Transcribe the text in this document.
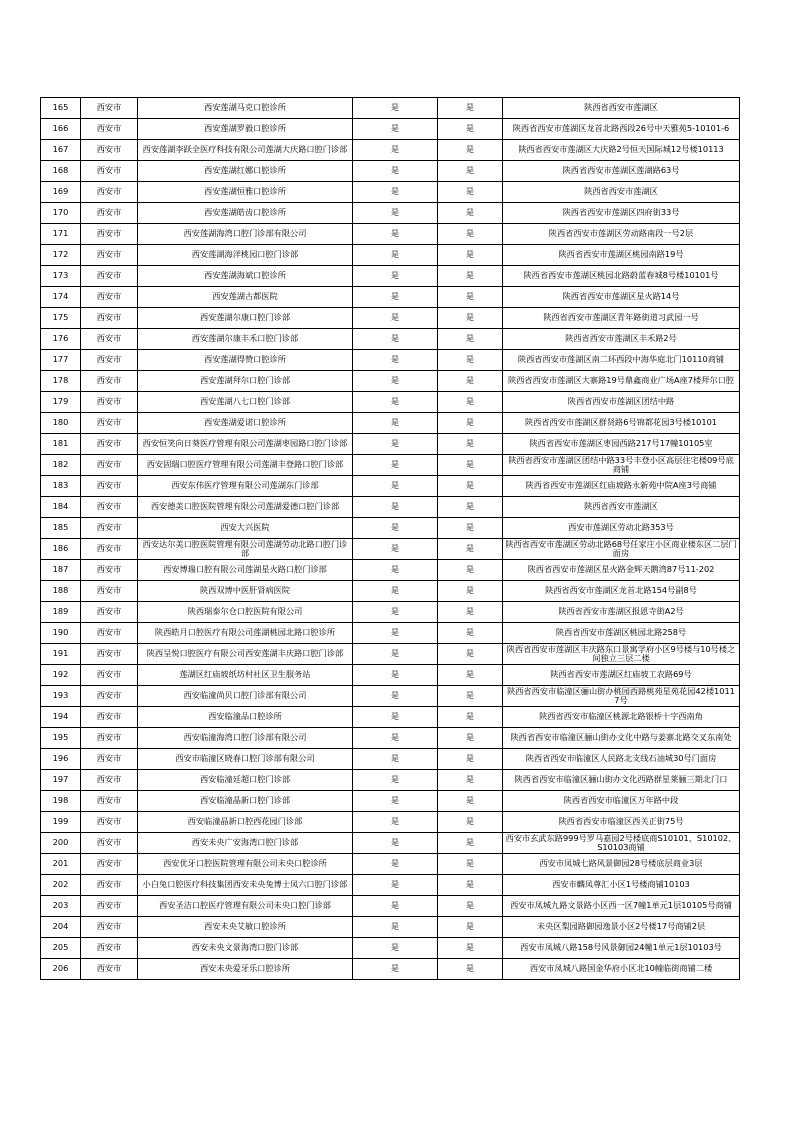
165	西安市	西安莲湖马克口腔诊所	是	是	陕西省西安市莲湖区
166	西安市	西安莲湖罗毅口腔诊所	是	是	陕西省西安市莲湖区龙首北路西段26号中天雅苑5-10101-6
167	西安市	西安莲湖李跃全医疗科技有限公司莲湖大庆路口腔门诊部	是	是	陕西省西安市莲湖区大庆路2号恒天国际城12号楼10113
168	西安市	西安莲湖红娜口腔诊所	是	是	陕西省西安市莲湖区莲湖路63号
169	西安市	西安莲湖恒雅口腔诊所	是	是	陕西省西安市莲湖区
170	西安市	西安莲湖皓齿口腔诊所	是	是	陕西省西安市莲湖区四府街33号
171	西安市	西安莲湖海湾口腔门诊部有限公司	是	是	陕西省西安市莲湖区劳动路南段一号2层
172	西安市	西安莲湖海洋桃园口腔门诊部	是	是	陕西省西安市莲湖区桃园南路19号
173	西安市	西安莲湖海斌口腔诊所	是	是	陕西省西安市莲湖区桃园北路蔚蓝春城8号楼10101号
174	西安市	西安莲湖古都医院	是	是	陕西省西安市莲湖区星火路14号
175	西安市	西安莲湖尔康口腔门诊部	是	是	陕西省西安市莲湖区青年路街道习武园一号
176	西安市	西安莲湖尔康丰禾口腔门诊部	是	是	陕西省西安市莲湖区丰禾路2号
177	西安市	西安莲湖得赞口腔诊所	是	是	陕西省西安市莲湖区南二环西段中海华庭北门10110商铺
178	西安市	西安莲湖拜尔口腔门诊部	是	是	陕西省西安市莲湖区大寨路19号鼎鑫商业广场A座7楼拜尔口腔
179	西安市	西安莲湖八七口腔门诊部	是	是	陕西省西安市莲湖区团结中路
180	西安市	西安莲湖爱诺口腔诊所	是	是	陕西省西安市莲湖区群贤路6号锦都花园3号楼10101
181	西安市	西安恒笑向日葵医疗管理有限公司莲湖枣园路口腔门诊部	是	是	陕西省西安市莲湖区枣园西路217号17幢10105室
182	西安市	西安固瑞口腔医疗管理有限公司莲湖丰登路口腔门诊部	是	是	陕西省西安市莲湖区团结中路33号丰登小区高层住宅楼09号底商铺
183	西安市	西安东伟医疗管理有限公司莲湖东门诊部	是	是	陕西省西安市莲湖区红庙坡路永新苑中院A座3号商铺
184	西安市	西安德美口腔医院管理有限公司莲湖爱德口腔门诊部	是	是	陕西省西安市莲湖区
185	西安市	西安大兴医院	是	是	西安市莲湖区劳动北路353号
186	西安市	西安达尔美口腔医院管理有限公司莲湖劳动北路口腔门诊部	是	是	陕西省西安市莲湖区劳动北路68号任家庄小区商业楼东区二层门面房
187	西安市	西安博瑞口腔有限公司莲湖星火路口腔门诊部	是	是	陕西省西安市莲湖区星火路金辉天鹅湾87号11-202
188	西安市	陕西双博中医肝肾病医院	是	是	陕西省西安市莲湖区龙首北路154号副8号
189	西安市	陕西瑞泰尔仓口腔医院有限公司	是	是	陕西省西安市莲湖区报恩寺街A2号
190	西安市	陕西皓月口腔医疗有限公司莲湖桃园北路口腔诊所	是	是	陕西省西安市莲湖区桃园北路258号
191	西安市	陕西呈悦口腔医疗有限公司西安莲湖丰庆路口腔门诊部	是	是	陕西省西安市莲湖区丰庆路东口景寓学府小区9号楼与10号楼之间独立三层二楼
192	西安市	莲湖区红庙坡纸坊村社区卫生服务站	是	是	陕西省西安市莲湖区红庙坡工农路69号
193	西安市	西安临潼尚贝口腔门诊部有限公司	是	是	陕西省西安市临潼区骊山街办桃园西路桃苑星苑花园42楼10117号
194	西安市	西安临潼品口腔诊所	是	是	陕西省西安市临潼区桃源北路银桥十字西南角
195	西安市	西安临潼海湾口腔门诊部有限公司	是	是	陕西省西安市临潼区骊山街办文化中路与姜寨北路交叉东南处
196	西安市	西安市临潼区晓春口腔门诊部有限公司	是	是	陕西省西安市临潼区人民路北支线石油城30号门面房
197	西安市	西安临潼廷超口腔门诊部	是	是	陕西省西安市临潼区骊山街办文化西路群星莱骊三期北门口
198	西安市	西安临潼晶新口腔门诊部	是	是	陕西省西安市临潼区万年路中段
199	西安市	西安临潼晶新口腔西花园门诊部	是	是	陕西省西安市临潼区西关正街75号
200	西安市	西安未央广安海湾口腔门诊部	是	是	西安市玄武东路999号罗马嘉园2号楼底商S10101、S10102、S10103商铺
201	西安市	西安优牙口腔医院管理有限公司未央口腔诊所	是	是	西安市凤城七路风景御园28号楼底层商业3层
202	西安市	小白兔口腔医疗科技集团西安未央兔博士凤六口腔门诊部	是	是	西安市麟凤尊汇小区1号楼商铺10103
203	西安市	西安圣洁口腔医疗管理有限公司未央口腔门诊部	是	是	西安市凤城九路文景路小区西一区7幢1单元1层10105号商铺
204	西安市	西安未央艾敏口腔诊所	是	是	未央区梨园路御园逸景小区2号楼17号商铺2层
205	西安市	西安未央文景海湾口腔门诊部	是	是	西安市凤城八路158号风景御园24幢1单元1层10103号
206	西安市	西安未央爱牙乐口腔诊所	是	是	西安市凤城八路国金华府小区北10幢临街商铺二楼
